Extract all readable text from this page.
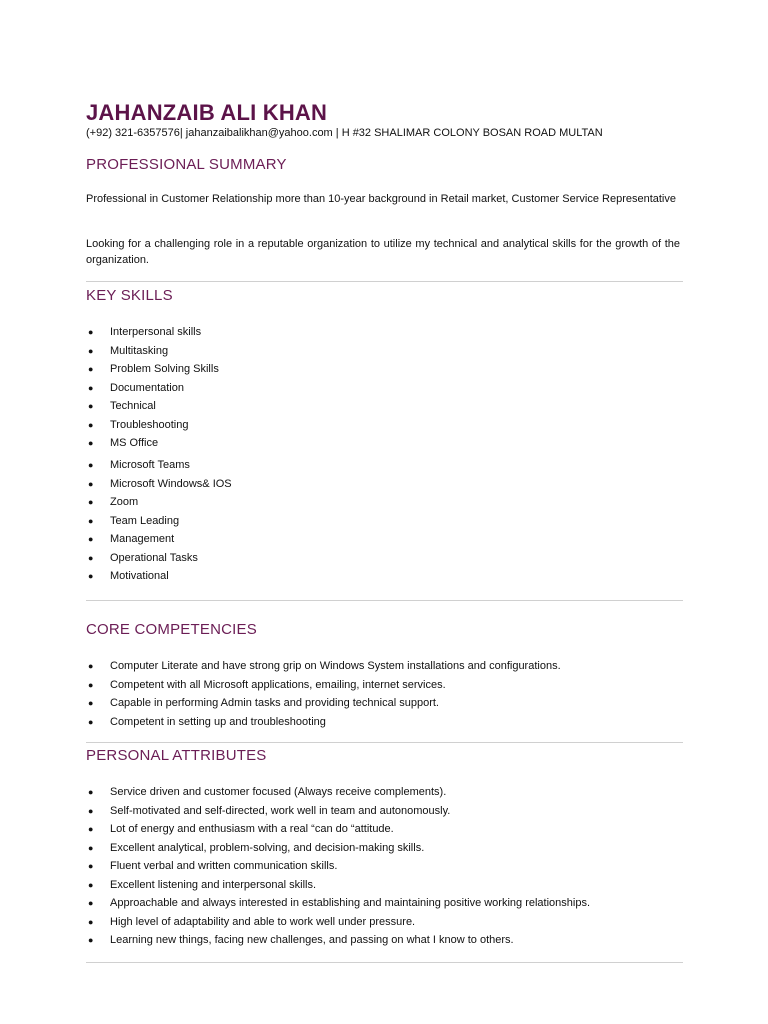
JAHANZAIB ALI KHAN
(+92) 321-6357576| jahanzaibalikhan@yahoo.com | H #32 SHALIMAR COLONY BOSAN ROAD MULTAN
PROFESSIONAL SUMMARY
Professional in Customer Relationship more than 10-year background in Retail market, Customer Service Representative
Looking for a challenging role in a reputable organization to utilize my technical and analytical skills for the growth of the organization.
KEY SKILLS
● Interpersonal skills
● Multitasking
● Problem Solving Skills
● Documentation
● Technical
● Troubleshooting
● MS Office
● Microsoft Teams
● Microsoft Windows& IOS
● Zoom
● Team Leading
● Management
● Operational Tasks
● Motivational
CORE COMPETENCIES
● Computer Literate and have strong grip on Windows System installations and configurations.
● Competent with all Microsoft applications, emailing, internet services.
● Capable in performing Admin tasks and providing technical support.
● Competent in setting up and troubleshooting
PERSONAL ATTRIBUTES
● Service driven and customer focused (Always receive complements).
● Self-motivated and self-directed, work well in team and autonomously.
● Lot of energy and enthusiasm with a real “can do “attitude.
● Excellent analytical, problem-solving, and decision-making skills.
● Fluent verbal and written communication skills.
● Excellent listening and interpersonal skills.
● Approachable and always interested in establishing and maintaining positive working relationships.
● High level of adaptability and able to work well under pressure.
● Learning new things, facing new challenges, and passing on what I know to others.
